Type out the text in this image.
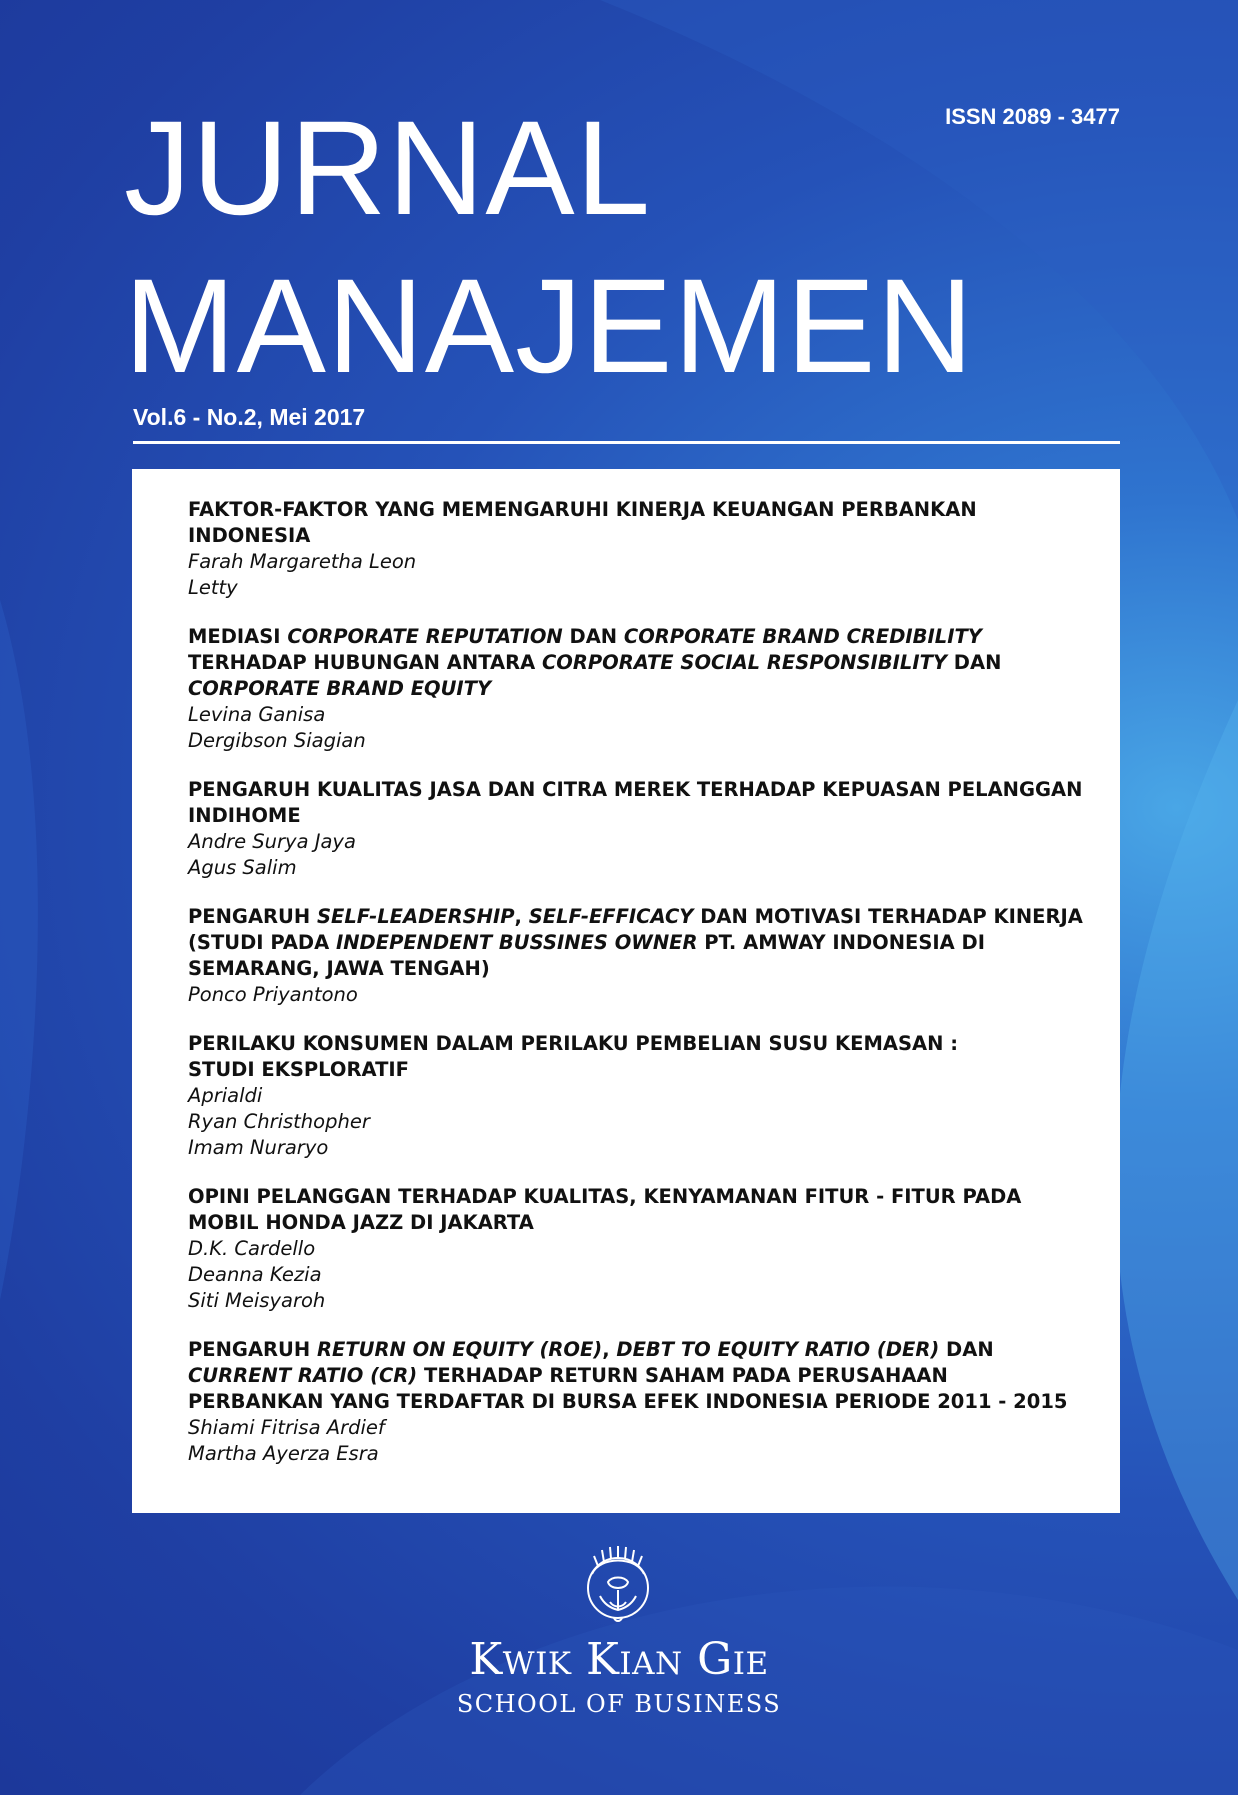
JURNAL
MANAJEMEN
ISSN 2089 - 3477
Vol.6 - No.2, Mei 2017

FAKTOR-FAKTOR YANG MEMENGARUHI KINERJA KEUANGAN PERBANKAN INDONESIA

Farah Margaretha Leon

Letty

MEDIASI CORPORATE REPUTATION DAN CORPORATE BRAND CREDIBILITY TERHADAP HUBUNGAN ANTARA CORPORATE SOCIAL RESPONSIBILITY DAN CORPORATE BRAND EQUITY

Levina Ganisa

Dergibson Siagian

PENGARUH KUALITAS JASA DAN CITRA MEREK TERHADAP KEPUASAN PELANGGAN INDIHOME

Andre Surya Jaya

Agus Salim

PENGARUH SELF-LEADERSHIP, SELF-EFFICACY DAN MOTIVASI TERHADAP KINERJA (STUDI PADA INDEPENDENT BUSSINES OWNER PT. AMWAY INDONESIA DI SEMARANG, JAWA TENGAH)

Ponco Priyantono

PERILAKU KONSUMEN DALAM PERILAKU PEMBELIAN SUSU KEMASAN :
STUDI EKSPLORATIF

Aprialdi

Ryan Christhopher

Imam Nuraryo

OPINI PELANGGAN TERHADAP KUALITAS, KENYAMANAN FITUR - FITUR PADA MOBIL HONDA JAZZ DI JAKARTA

D.K. Cardello

Deanna Kezia

Siti Meisyaroh

PENGARUH RETURN ON EQUITY (ROE), DEBT TO EQUITY RATIO (DER) DAN CURRENT RATIO (CR) TERHADAP RETURN SAHAM PADA PERUSAHAAN PERBANKAN YANG TERDAFTAR DI BURSA EFEK INDONESIA PERIODE 2011 - 2015

Shiami Fitrisa Ardief

Martha Ayerza Esra

Kwik Kian Gie
SCHOOL OF BUSINESS
